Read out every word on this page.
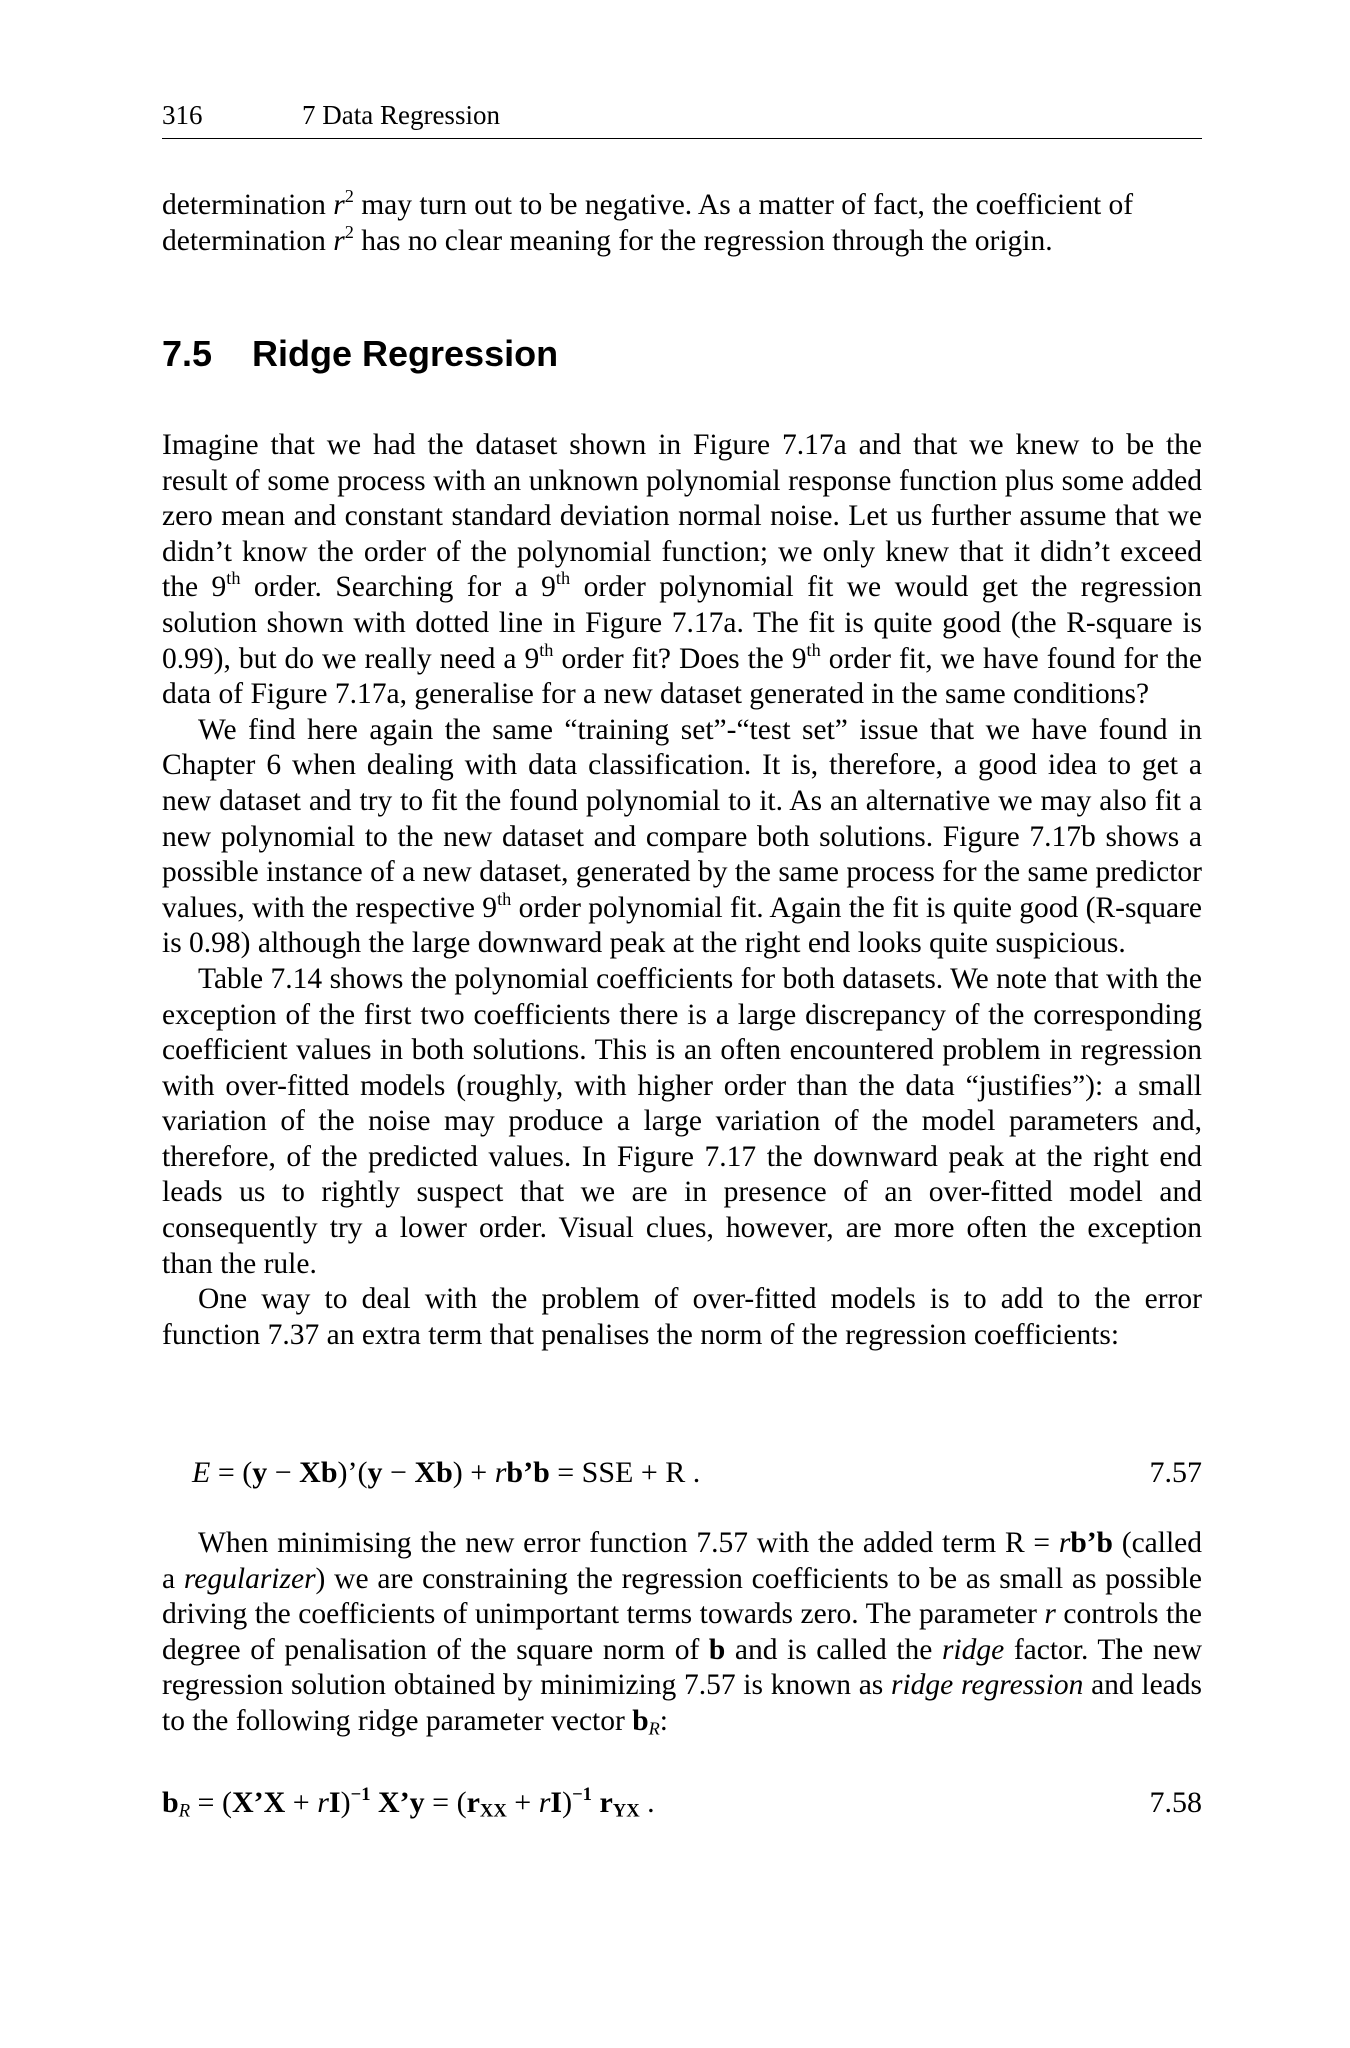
316	7 Data Regression

determination $r^2$ may turn out to be negative. As a matter of fact, the coefficient of

determination $r^2$ has no clear meaning for the regression through the origin.

7.5 Ridge Regression

Imagine that we had the dataset shown in Figure 7.17a and that we knew to be the result of some process with an unknown polynomial response function plus some added zero mean and constant standard deviation normal noise. Let us further assume that we didn’t know the order of the polynomial function; we only knew that it didn’t exceed the 9th order. Searching for a 9th order polynomial fit we would get the regression solution shown with dotted line in Figure 7.17a. The fit is quite good (the R-square is 0.99), but do we really need a 9th order fit? Does the 9th order fit, we have found for the data of Figure 7.17a, generalise for a new dataset generated in the same conditions?

We find here again the same “training set”-“test set” issue that we have found in Chapter 6 when dealing with data classification. It is, therefore, a good idea to get a new dataset and try to fit the found polynomial to it. As an alternative we may also fit a new polynomial to the new dataset and compare both solutions. Figure 7.17b shows a possible instance of a new dataset, generated by the same process for the same predictor values, with the respective 9th order polynomial fit. Again the fit is quite good (R-square is 0.98) although the large downward peak at the right end looks quite suspicious.

Table 7.14 shows the polynomial coefficients for both datasets. We note that with the exception of the first two coefficients there is a large discrepancy of the corresponding coefficient values in both solutions. This is an often encountered problem in regression with over-fitted models (roughly, with higher order than the data “justifies”): a small variation of the noise may produce a large variation of the model parameters and, therefore, of the predicted values. In Figure 7.17 the downward peak at the right end leads us to rightly suspect that we are in presence of an over-fitted model and consequently try a lower order. Visual clues, however, are more often the exception than the rule.

One way to deal with the problem of over-fitted models is to add to the error function 7.37 an extra term that penalises the norm of the regression coefficients:

E = (y − Xb)’(y − Xb) + rb’b = SSE + R .	7.57

When minimising the new error function 7.57 with the added term R = rb’b (called a regularizer) we are constraining the regression coefficients to be as small as possible driving the coefficients of unimportant terms towards zero. The parameter r controls the degree of penalisation of the square norm of b and is called the ridge factor. The new regression solution obtained by minimizing 7.57 is known as ridge regression and leads to the following ridge parameter vector $b_R$:

$b_R$ = (X’X + rI)$^{-1}$ X’y = $(r_{XX} + rI)^{-1}$ $r_{YX}$ .	7.58
